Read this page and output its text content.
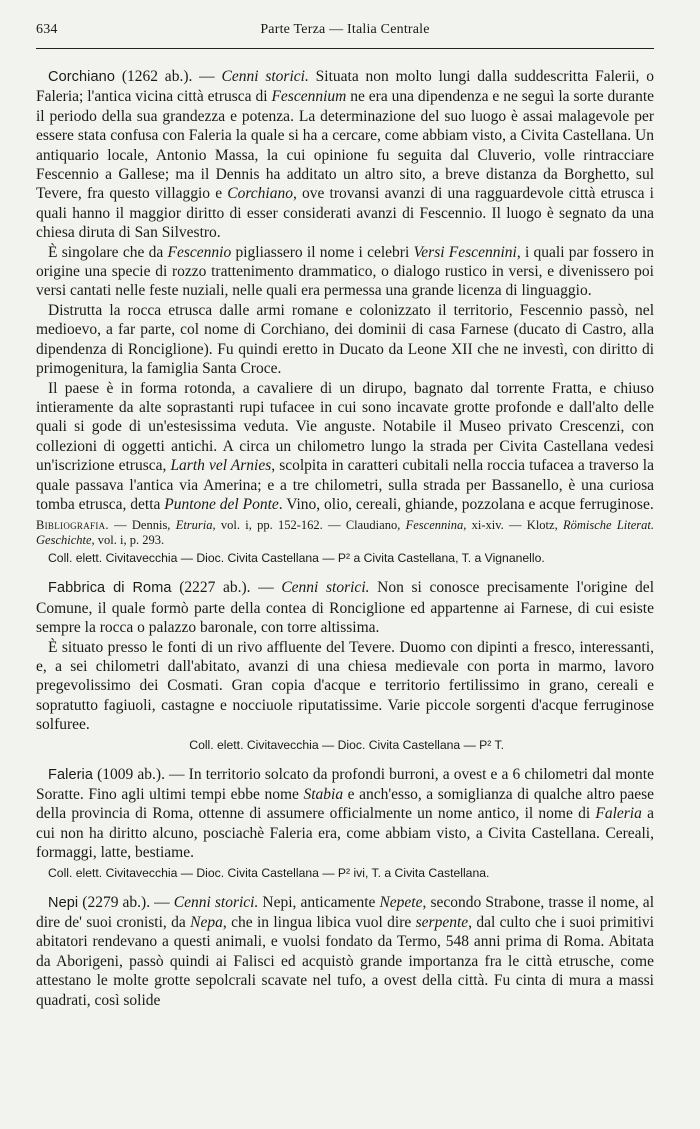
634	Parte Terza — Italia Centrale

Corchiano (1262 ab.). — Cenni storici. Situata non molto lungi dalla suddescritta Falerii, o Faleria; l'antica vicina città etrusca di Fescennium ne era una dipendenza e ne seguì la sorte durante il periodo della sua grandezza e potenza. La determinazione del suo luogo è assai malagevole per essere stata confusa con Faleria la quale si ha a cercare, come abbiam visto, a Civita Castellana. Un antiquario locale, Antonio Massa, la cui opinione fu seguita dal Cluverio, volle rintracciare Fescennio a Gallese; ma il Dennis ha additato un altro sito, a breve distanza da Borghetto, sul Tevere, fra questo villaggio e Corchiano, ove trovansi avanzi di una ragguardevole città etrusca i quali hanno il maggior diritto di esser considerati avanzi di Fescennio. Il luogo è segnato da una chiesa diruta di San Silvestro.

È singolare che da Fescennio pigliassero il nome i celebri Versi Fescennini, i quali par fossero in origine una specie di rozzo trattenimento drammatico, o dialogo rustico in versi, e divenissero poi versi cantati nelle feste nuziali, nelle quali era permessa una grande licenza di linguaggio.

Distrutta la rocca etrusca dalle armi romane e colonizzato il territorio, Fescennio passò, nel medioevo, a far parte, col nome di Corchiano, dei dominii di casa Farnese (ducato di Castro, alla dipendenza di Ronciglione). Fu quindi eretto in Ducato da Leone XII che ne investì, con diritto di primogenitura, la famiglia Santa Croce.

Il paese è in forma rotonda, a cavaliere di un dirupo, bagnato dal torrente Fratta, e chiuso intieramente da alte soprastanti rupi tufacee in cui sono incavate grotte profonde e dall'alto delle quali si gode di un'estesissima veduta. Vie anguste. Notabile il Museo privato Crescenzi, con collezioni di oggetti antichi. A circa un chilometro lungo la strada per Civita Castellana vedesi un'iscrizione etrusca, Larth vel Arnies, scolpita in caratteri cubitali nella roccia tufacea a traverso la quale passava l'antica via Amerina; e a tre chilometri, sulla strada per Bassanello, è una curiosa tomba etrusca, detta Puntone del Ponte. Vino, olio, cereali, ghiande, pozzolana e acque ferruginose.

Bibliografia. — Dennis, Etruria, vol. i, pp. 152-162. — Claudiano, Fescennina, xi-xiv. — Klotz, Römische Literat. Geschichte, vol. i, p. 293.
Coll. elett. Civitavecchia — Dioc. Civita Castellana — P² a Civita Castellana, T. a Vignanello.

Fabbrica di Roma (2227 ab.). — Cenni storici. Non si conosce precisamente l'origine del Comune, il quale formò parte della contea di Ronciglione ed appartenne ai Farnese, di cui esiste sempre la rocca o palazzo baronale, con torre altissima.

È situato presso le fonti di un rivo affluente del Tevere. Duomo con dipinti a fresco, interessanti, e, a sei chilometri dall'abitato, avanzi di una chiesa medievale con porta in marmo, lavoro pregevolissimo dei Cosmati. Gran copia d'acque e territorio fertilissimo in grano, cereali e sopratutto fagiuoli, castagne e nocciuole riputatissime. Varie piccole sorgenti d'acque ferruginose solfuree.

Coll. elett. Civitavecchia — Dioc. Civita Castellana — P² T.

Faleria (1009 ab.). — In territorio solcato da profondi burroni, a ovest e a 6 chilometri dal monte Soratte. Fino agli ultimi tempi ebbe nome Stabia e anch'esso, a somiglianza di qualche altro paese della provincia di Roma, ottenne di assumere officialmente un nome antico, il nome di Faleria a cui non ha diritto alcuno, posciachè Faleria era, come abbiam visto, a Civita Castellana. Cereali, formaggi, latte, bestiame.

Coll. elett. Civitavecchia — Dioc. Civita Castellana — P² ivi, T. a Civita Castellana.

Nepi (2279 ab.). — Cenni storici. Nepi, anticamente Nepete, secondo Strabone, trasse il nome, al dire de' suoi cronisti, da Nepa, che in lingua libica vuol dire serpente, dal culto che i suoi primitivi abitatori rendevano a questi animali, e vuolsi fondato da Termo, 548 anni prima di Roma. Abitata da Aborigeni, passò quindi ai Falisci ed acquistò grande importanza fra le città etrusche, come attestano le molte grotte sepolcrali scavate nel tufo, a ovest della città. Fu cinta di mura a massi quadrati, così solide
